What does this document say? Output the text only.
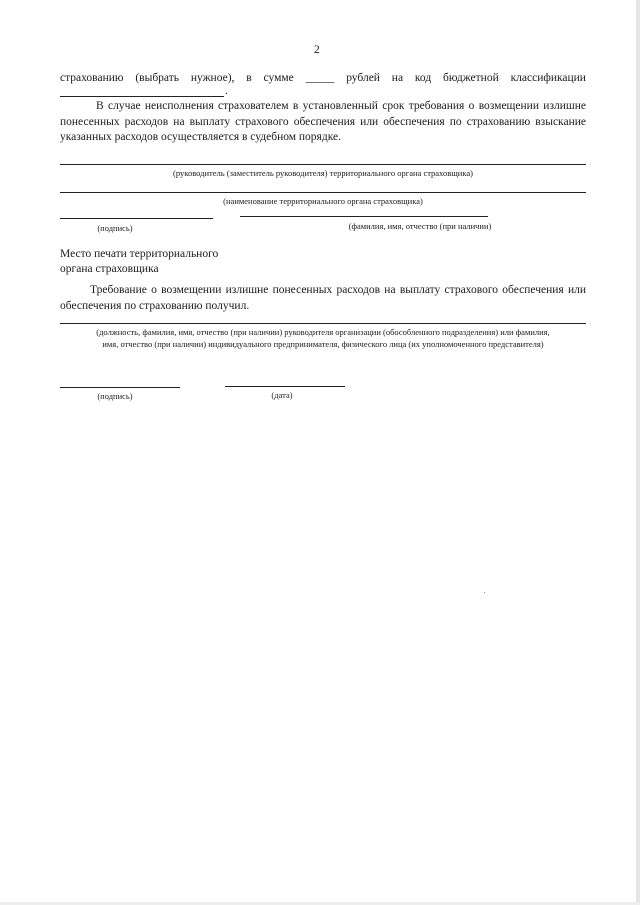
2
страхованию (выбрать нужное), в сумме _____ рублей на код бюджетной классификации
.
В случае неисполнения страхователем в установленный срок требования о возмещении излишне понесенных расходов на выплату страхового обеспечения или обеспечения по страхованию взыскание указанных расходов осуществляется в судебном порядке.
(руководитель (заместитель руководителя) территориального органа страховщика)
(наименование территориального органа страховщика)
(подпись)	(фамилия, имя, отчество (при наличии)
Место печати территориального
органа страховщика
Требование о возмещении излишне понесенных расходов на выплату страхового обеспечения или обеспечения по страхованию получил.
(должность, фамилия, имя, отчество (при наличии) руководителя организации (обособленного подразделения) или фамилия,
имя, отчество (при наличии) индивидуального предпринимателя, физического лица (их уполномоченного представителя)
(подпись)	(дата)
